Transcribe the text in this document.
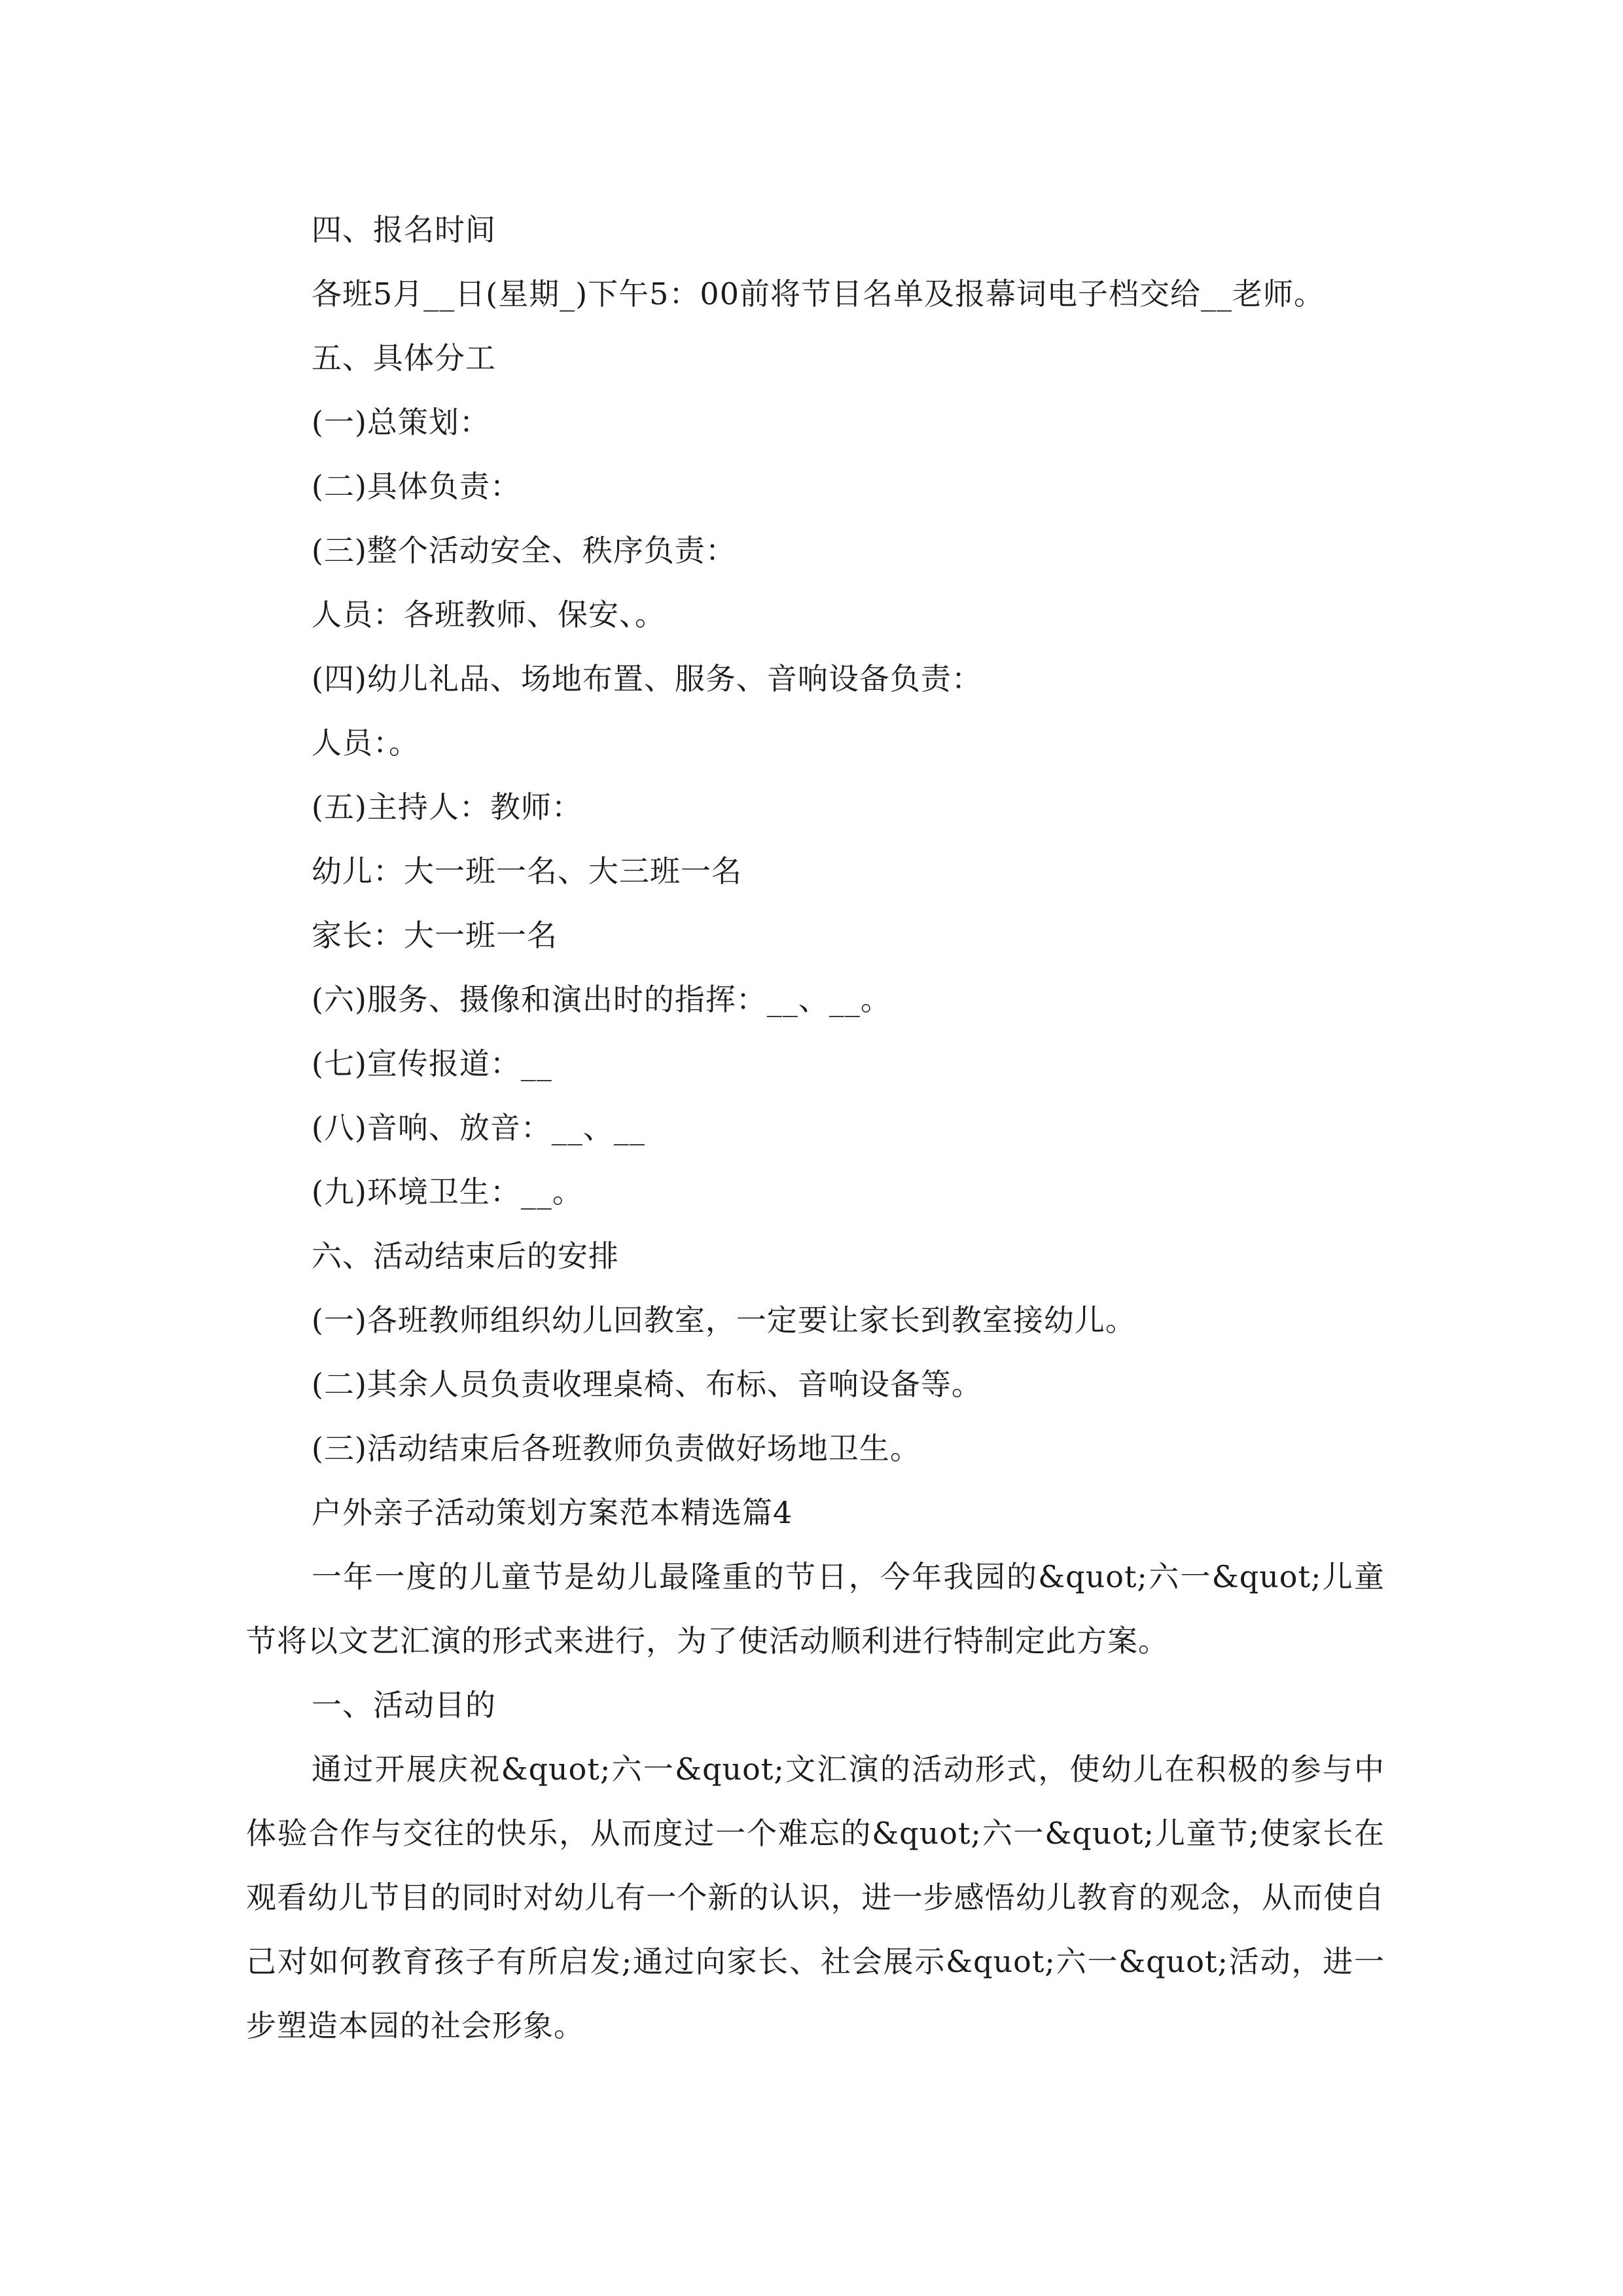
四、报名时间
各班5月__日(星期_)下午5：00前将节目名单及报幕词电子档交给__老师。
五、具体分工
(一)总策划：
(二)具体负责：
(三)整个活动安全、秩序负责：
人员：各班教师、保安、。
(四)幼儿礼品、场地布置、服务、音响设备负责：
人员：。
(五)主持人：教师：
幼儿：大一班一名、大三班一名
家长：大一班一名
(六)服务、摄像和演出时的指挥：__、__。
(七)宣传报道：__
(八)音响、放音：__、__
(九)环境卫生：__。
六、活动结束后的安排
(一)各班教师组织幼儿回教室，一定要让家长到教室接幼儿。
(二)其余人员负责收理桌椅、布标、音响设备等。
(三)活动结束后各班教师负责做好场地卫生。
户外亲子活动策划方案范本精选篇4
一年一度的儿童节是幼儿最隆重的节日，今年我园的&quot;六一&quot;儿童节将以文艺汇演的形式来进行，为了使活动顺利进行特制定此方案。
一、活动目的
通过开展庆祝&quot;六一&quot;文汇演的活动形式，使幼儿在积极的参与中体验合作与交往的快乐，从而度过一个难忘的&quot;六一&quot;儿童节;使家长在观看幼儿节目的同时对幼儿有一个新的认识，进一步感悟幼儿教育的观念，从而使自己对如何教育孩子有所启发;通过向家长、社会展示&quot;六一&quot;活动，进一步塑造本园的社会形象。
